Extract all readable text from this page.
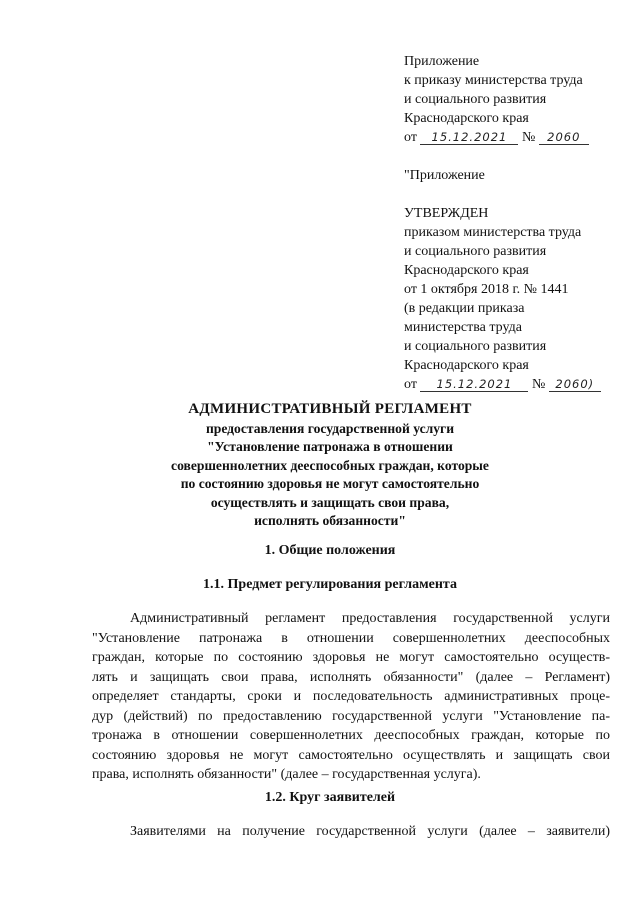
Приложение
к приказу министерства труда
и социального развития
Краснодарского края
от 15.12.2021 № 2060
"Приложение
УТВЕРЖДЕН
приказом министерства труда
и социального развития
Краснодарского края
от 1 октября 2018 г. № 1441
(в редакции приказа
министерства труда
и социального развития
Краснодарского края
от 15.12.2021 № 2060)
АДМИНИСТРАТИВНЫЙ РЕГЛАМЕНТ
предоставления государственной услуги
"Установление патронажа в отношении
совершеннолетних дееспособных граждан, которые
по состоянию здоровья не могут самостоятельно
осуществлять и защищать свои права,
исполнять обязанности"
1. Общие положения
1.1. Предмет регулирования регламента
Административный регламент предоставления государственной услуги
"Установление патронажа в отношении совершеннолетних дееспособных
граждан, которые по состоянию здоровья не могут самостоятельно осуществ-
лять и защищать свои права, исполнять обязанности" (далее – Регламент)
определяет стандарты, сроки и последовательность административных проце-
дур (действий) по предоставлению государственной услуги "Установление па-
тронажа в отношении совершеннолетних дееспособных граждан, которые по
состоянию здоровья не могут самостоятельно осуществлять и защищать свои
права, исполнять обязанности" (далее – государственная услуга).
1.2. Круг заявителей
Заявителями на получение государственной услуги (далее – заявители)
